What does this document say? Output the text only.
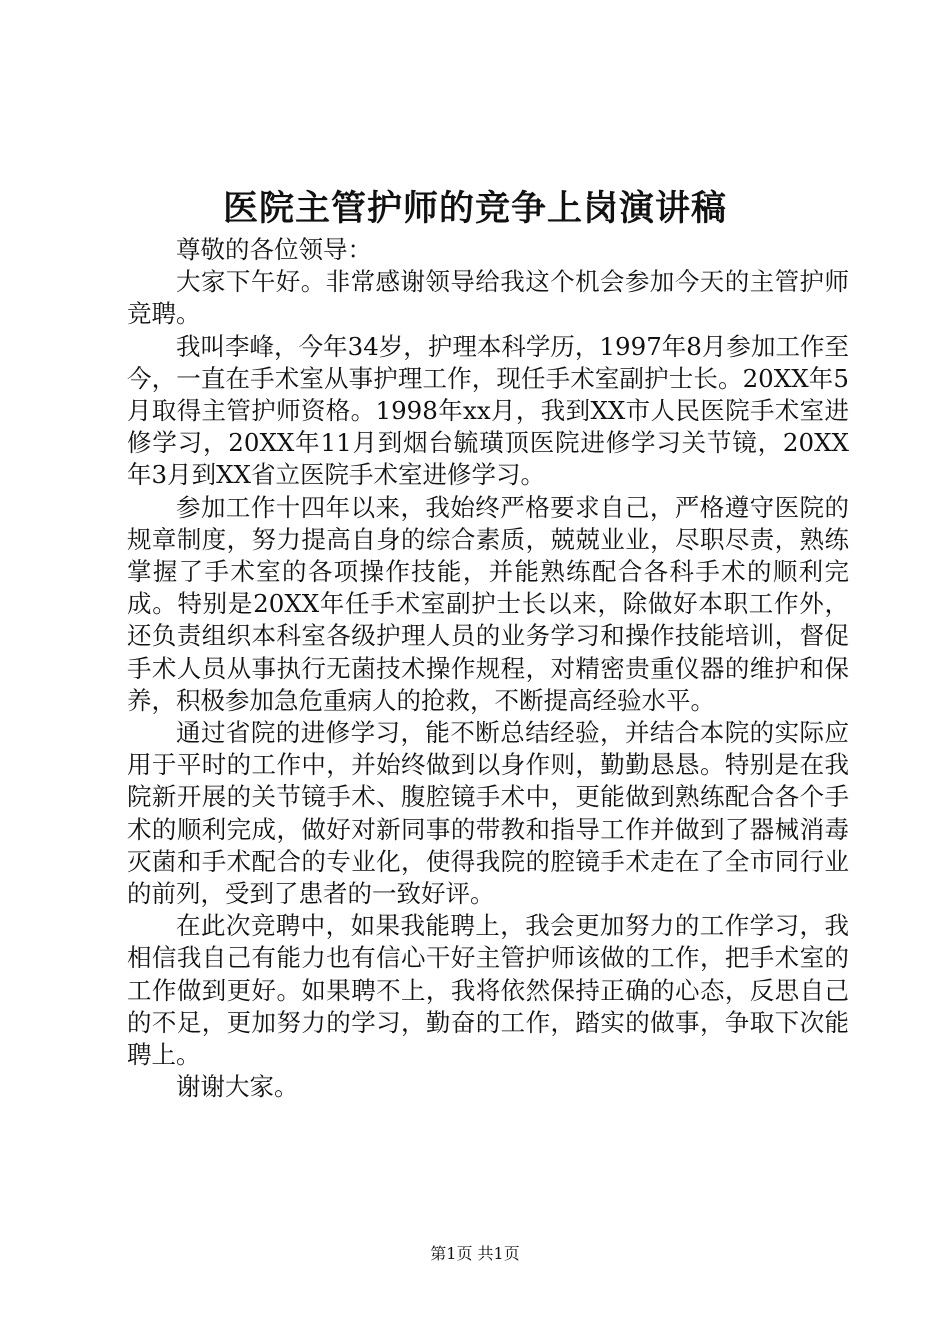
医院主管护师的竞争上岗演讲稿

尊敬的各位领导：

大家下午好。非常感谢领导给我这个机会参加今天的主管护师竞聘。

我叫李峰，今年34岁，护理本科学历，1997年8月参加工作至今，一直在手术室从事护理工作，现任手术室副护士长。20XX年5月取得主管护师资格。1998年xx月，我到XX市人民医院手术室进修学习，20XX年11月到烟台毓璜顶医院进修学习关节镜，20XX年3月到XX省立医院手术室进修学习。

参加工作十四年以来，我始终严格要求自己，严格遵守医院的规章制度，努力提高自身的综合素质，兢兢业业，尽职尽责，熟练掌握了手术室的各项操作技能，并能熟练配合各科手术的顺利完成。特别是20XX年任手术室副护士长以来，除做好本职工作外，还负责组织本科室各级护理人员的业务学习和操作技能培训，督促手术人员从事执行无菌技术操作规程，对精密贵重仪器的维护和保养，积极参加急危重病人的抢救，不断提高经验水平。

通过省院的进修学习，能不断总结经验，并结合本院的实际应用于平时的工作中，并始终做到以身作则，勤勤恳恳。特别是在我院新开展的关节镜手术、腹腔镜手术中，更能做到熟练配合各个手术的顺利完成，做好对新同事的带教和指导工作并做到了器械消毒灭菌和手术配合的专业化，使得我院的腔镜手术走在了全市同行业的前列，受到了患者的一致好评。

在此次竞聘中，如果我能聘上，我会更加努力的工作学习，我相信我自己有能力也有信心干好主管护师该做的工作，把手术室的工作做到更好。如果聘不上，我将依然保持正确的心态，反思自己的不足，更加努力的学习，勤奋的工作，踏实的做事，争取下次能聘上。

谢谢大家。

第1页 共1页
